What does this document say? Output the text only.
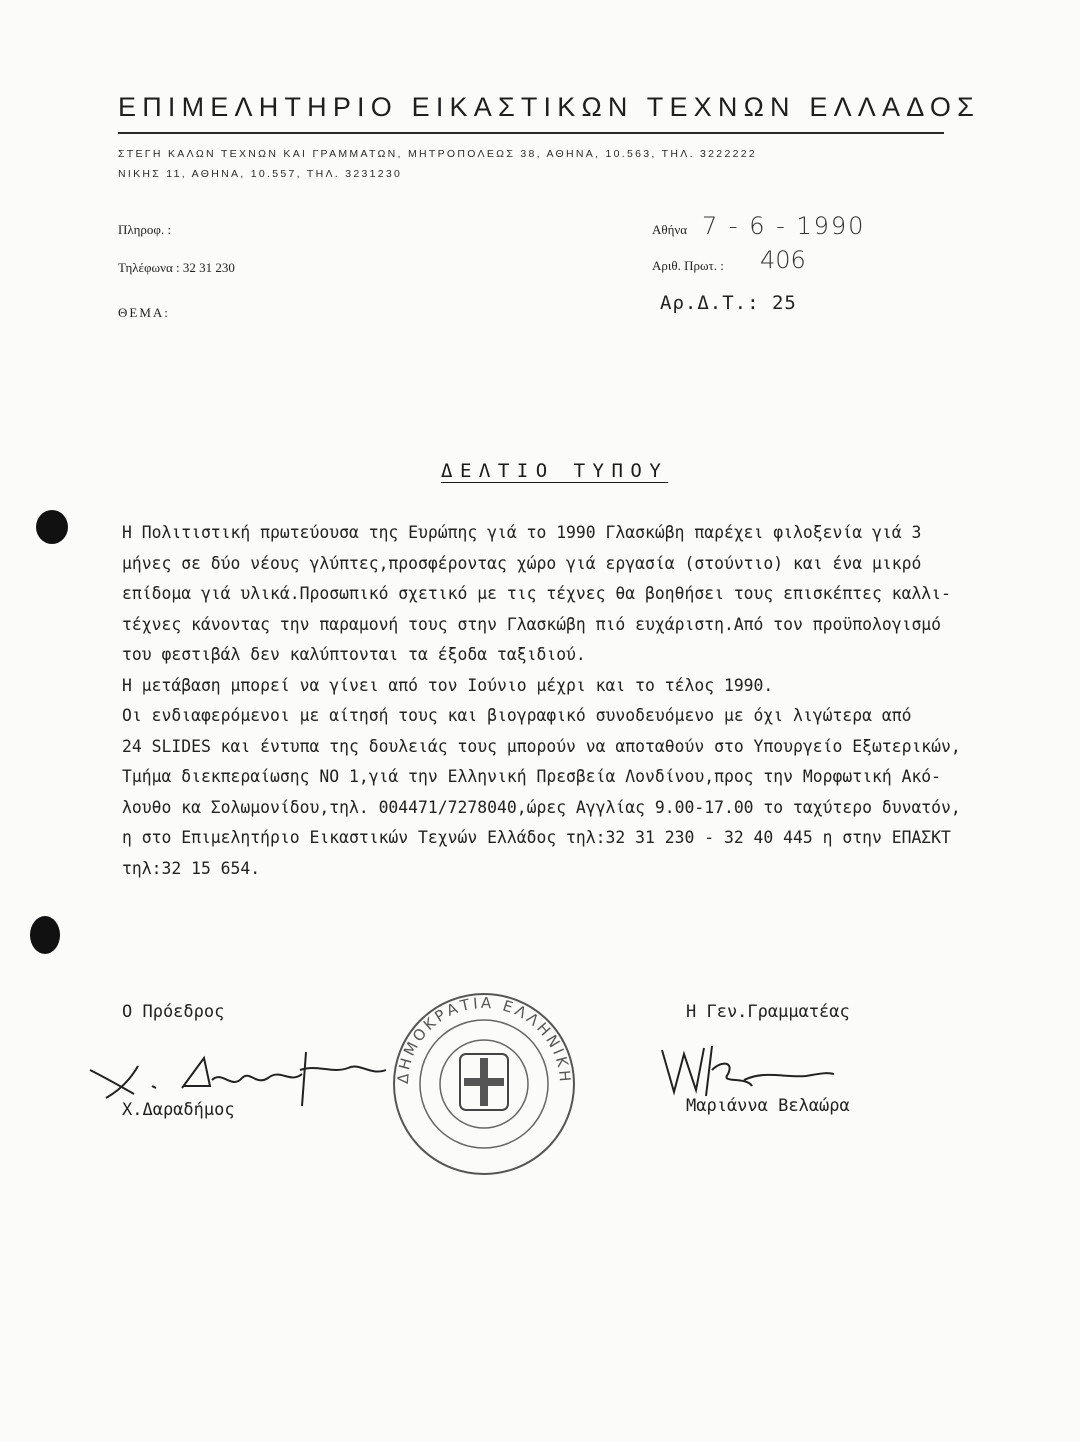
ΕΠΙΜΕΛΗΤΗΡΙΟ ΕΙΚΑΣΤΙΚΩΝ ΤΕΧΝΩΝ ΕΛΛΑΔΟΣ
ΣΤΕΓΗ ΚΑΛΩΝ ΤΕΧΝΩΝ ΚΑΙ ΓΡΑΜΜΑΤΩΝ, ΜΗΤΡΟΠΟΛΕΩΣ 38, ΑΘΗΝΑ, 10.563, ΤΗΛ. 3222222
ΝΙΚΗΣ 11, ΑΘΗΝΑ, 10.557, ΤΗΛ. 3231230
Πληροφ. :
Τηλέφωνα : 32 31 230
ΘΕΜΑ:
Αθήνα 7 - 6 - 1990
Αριθ. Πρωτ. : 406
Αρ.Δ.Τ.: 25
ΔΕΛΤΙΟ ΤΥΠΟΥ
Η Πολιτιστική πρωτεύουσα της Ευρώπης γιά το 1990 Γλασκώβη παρέχει φιλοξενία γιά 3
μήνες σε δύο νέους γλύπτες,προσφέροντας χώρο γιά εργασία (στούντιο) και ένα μικρό
επίδομα γιά υλικά.Προσωπικό σχετικό με τις τέχνες θα βοηθήσει τους επισκέπτες καλλι-
τέχνες κάνοντας την παραμονή τους στην Γλασκώβη πιό ευχάριστη.Από τον προϋπολογισμό
του φεστιβάλ δεν καλύπτονται τα έξοδα ταξιδιού.
Η μετάβαση μπορεί να γίνει από τον Ιούνιο μέχρι και το τέλος 1990.
Οι ενδιαφερόμενοι με αίτησή τους και βιογραφικό συνοδευόμενο με όχι λιγώτερα από
24 SLIDES και έντυπα της δουλειάς τους μπορούν να αποταθούν στο Υπουργείο Εξωτερικών,
Τμήμα διεκπεραίωσης ΝΟ 1,γιά την Ελληνική Πρεσβεία Λονδίνου,προς την Μορφωτική Ακό-
λουθο κα Σολωμονίδου,τηλ. 004471/7278040,ώρες Αγγλίας 9.00-17.00 το ταχύτερο δυνατόν,
η στο Επιμελητήριο Εικαστικών Τεχνών Ελλάδος τηλ:32 31 230 - 32 40 445 η στην ΕΠΑΣΚΤ
τηλ:32 15 654.
Ο Πρόεδρος
Χ.Δαραδήμος
ΔΗΜΟΚΡΑΤΙΑ ΕΛΛΗΝΙΚΗ
Η Γεν.Γραμματέας
Μαριάννα Βελαώρα
